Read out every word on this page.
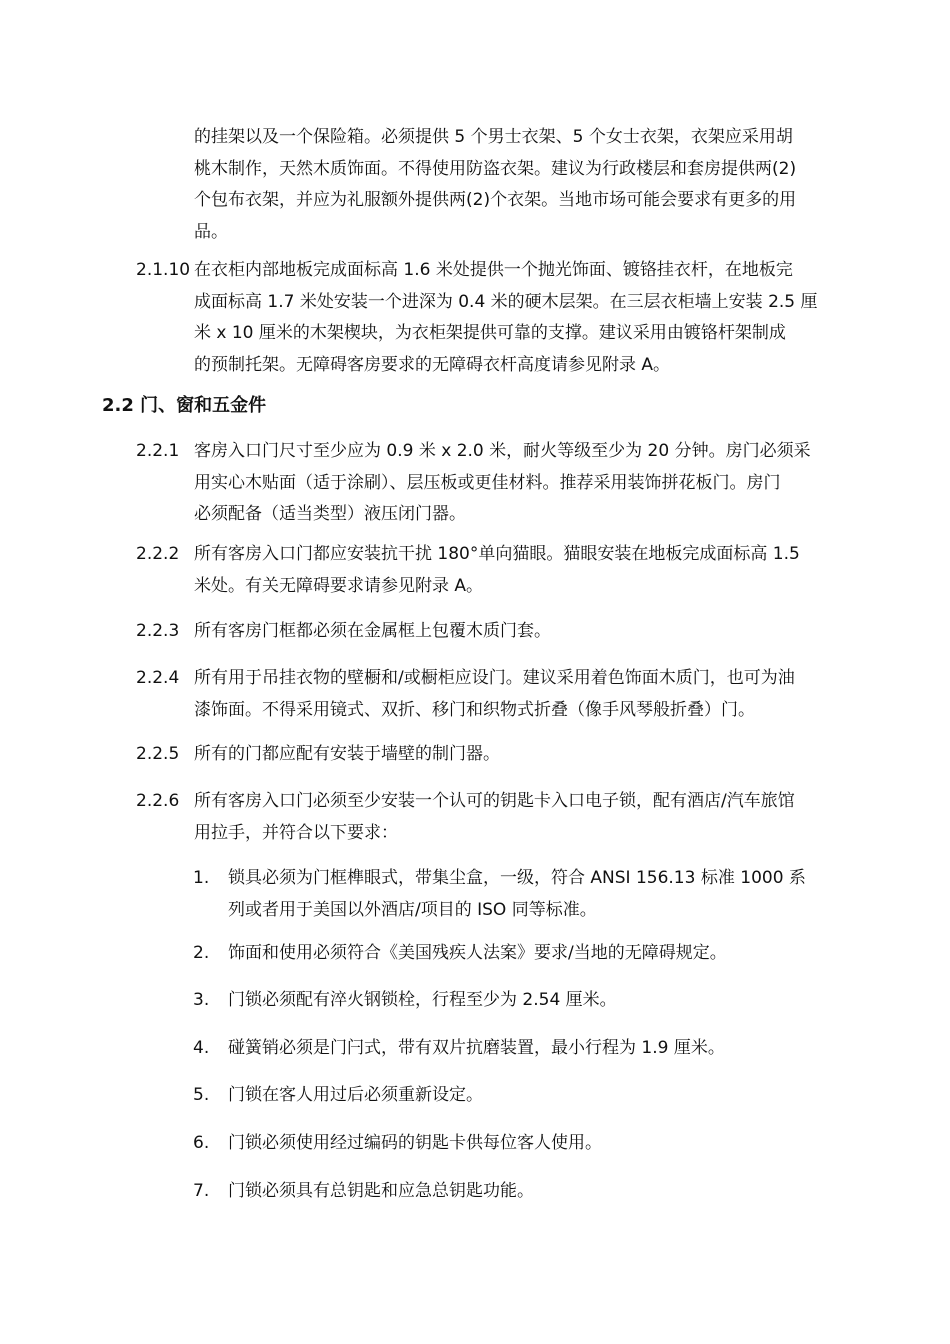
的挂架以及一个保险箱。必须提供 5 个男士衣架、5 个女士衣架，衣架应采用胡
桃木制作，天然木质饰面。不得使用防盗衣架。建议为行政楼层和套房提供两(2)
个包布衣架，并应为礼服额外提供两(2)个衣架。当地市场可能会要求有更多的用
品。
2.1.10 在衣柜内部地板完成面标高 1.6 米处提供一个抛光饰面、镀铬挂衣杆，在地板完
成面标高 1.7 米处安装一个进深为 0.4 米的硬木层架。在三层衣柜墙上安装 2.5 厘
米 x 10 厘米的木架楔块，为衣柜架提供可靠的支撑。建议采用由镀铬杆架制成
的预制托架。无障碍客房要求的无障碍衣杆高度请参见附录 A。
2.2 门、窗和五金件
2.2.1 客房入口门尺寸至少应为 0.9 米 x 2.0 米，耐火等级至少为 20 分钟。房门必须采
用实心木贴面（适于涂刷）、层压板或更佳材料。推荐采用装饰拼花板门。房门
必须配备（适当类型）液压闭门器。
2.2.2 所有客房入口门都应安装抗干扰 180°单向猫眼。猫眼安装在地板完成面标高 1.5
米处。有关无障碍要求请参见附录 A。
2.2.3 所有客房门框都必须在金属框上包覆木质门套。
2.2.4 所有用于吊挂衣物的壁橱和/或橱柜应设门。建议采用着色饰面木质门，也可为油
漆饰面。不得采用镜式、双折、移门和织物式折叠（像手风琴般折叠）门。
2.2.5 所有的门都应配有安装于墙壁的制门器。
2.2.6 所有客房入口门必须至少安装一个认可的钥匙卡入口电子锁，配有酒店/汽车旅馆
用拉手，并符合以下要求：
1. 锁具必须为门框榫眼式，带集尘盒，一级，符合 ANSI 156.13 标准 1000 系
列或者用于美国以外酒店/项目的 ISO 同等标准。
2. 饰面和使用必须符合《美国残疾人法案》要求/当地的无障碍规定。
3. 门锁必须配有淬火钢锁栓，行程至少为 2.54 厘米。
4. 碰簧销必须是门闩式，带有双片抗磨装置，最小行程为 1.9 厘米。
5. 门锁在客人用过后必须重新设定。
6. 门锁必须使用经过编码的钥匙卡供每位客人使用。
7. 门锁必须具有总钥匙和应急总钥匙功能。
